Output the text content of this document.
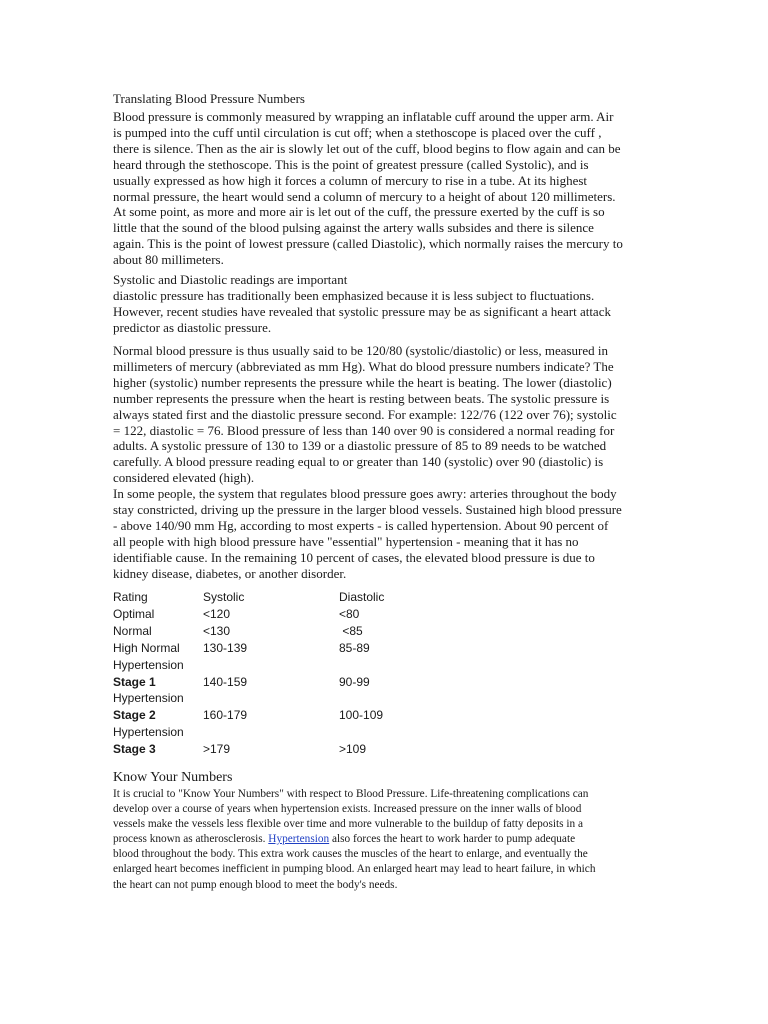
Translating Blood Pressure Numbers

Blood pressure is commonly measured by wrapping an inflatable cuff around the upper arm. Air
is pumped into the cuff until circulation is cut off; when a stethoscope is placed over the cuff ,
there is silence. Then as the air is slowly let out of the cuff, blood begins to flow again and can be
heard through the stethoscope. This is the point of greatest pressure (called Systolic), and is
usually expressed as how high it forces a column of mercury to rise in a tube. At its highest
normal pressure, the heart would send a column of mercury to a height of about 120 millimeters.
At some point, as more and more air is let out of the cuff, the pressure exerted by the cuff is so
little that the sound of the blood pulsing against the artery walls subsides and there is silence
again. This is the point of lowest pressure (called Diastolic), which normally raises the mercury to
about 80 millimeters.

Systolic and Diastolic readings are important

diastolic pressure has traditionally been emphasized because it is less subject to fluctuations.
However, recent studies have revealed that systolic pressure may be as significant a heart attack
predictor as diastolic pressure.

Normal blood pressure is thus usually said to be 120/80 (systolic/diastolic) or less, measured in
millimeters of mercury (abbreviated as mm Hg). What do blood pressure numbers indicate? The
higher (systolic) number represents the pressure while the heart is beating. The lower (diastolic)
number represents the pressure when the heart is resting between beats. The systolic pressure is
always stated first and the diastolic pressure second. For example: 122/76 (122 over 76); systolic
= 122, diastolic = 76. Blood pressure of less than 140 over 90 is considered a normal reading for
adults. A systolic pressure of 130 to 139 or a diastolic pressure of 85 to 89 needs to be watched
carefully. A blood pressure reading equal to or greater than 140 (systolic) over 90 (diastolic) is
considered elevated (high).

In some people, the system that regulates blood pressure goes awry: arteries throughout the body
stay constricted, driving up the pressure in the larger blood vessels. Sustained high blood pressure
- above 140/90 mm Hg, according to most experts - is called hypertension. About 90 percent of
all people with high blood pressure have "essential" hypertension - meaning that it has no
identifiable cause. In the remaining 10 percent of cases, the elevated blood pressure is due to
kidney disease, diabetes, or another disorder.

Rating	Systolic	Diastolic
Optimal	<120	<80
Normal	<130	<85
High Normal	130-139	85-89
Hypertension		
Stage 1	140-159	90-99
Hypertension		
Stage 2	160-179	100-109
Hypertension		
Stage 3	>179	>109
Know Your Numbers

It is crucial to "Know Your Numbers" with respect to Blood Pressure. Life-threatening complications can
develop over a course of years when hypertension exists. Increased pressure on the inner walls of blood
vessels make the vessels less flexible over time and more vulnerable to the buildup of fatty deposits in a
process known as atherosclerosis. Hypertension also forces the heart to work harder to pump adequate
blood throughout the body. This extra work causes the muscles of the heart to enlarge, and eventually the
enlarged heart becomes inefficient in pumping blood. An enlarged heart may lead to heart failure, in which
the heart can not pump enough blood to meet the body's needs.
